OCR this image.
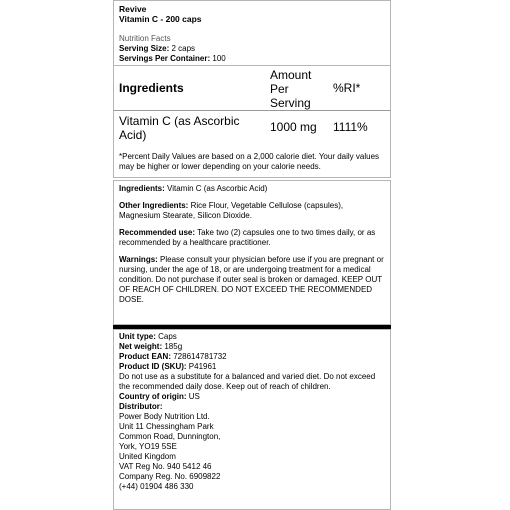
Revive
Vitamin C - 200 caps
Nutrition Facts
Serving Size: 2 caps
Servings Per Container: 100
Ingredients
Amount Per Serving
%RI*
Vitamin C (as Ascorbic Acid)
1000 mg 1111%
*Percent Daily Values are based on a 2,000 calorie diet. Your daily values may be higher or lower depending on your calorie needs.

Ingredients: Vitamin C (as Ascorbic Acid)

Other Ingredients: Rice Flour, Vegetable Cellulose (capsules), Magnesium Stearate, Silicon Dioxide.

Recommended use: Take two (2) capsules one to two times daily, or as recommended by a healthcare practitioner.

Warnings: Please consult your physician before use if you are pregnant or nursing, under the age of 18, or are undergoing treatment for a medical condition. Do not purchase if outer seal is broken or damaged. KEEP OUT OF REACH OF CHILDREN. DO NOT EXCEED THE RECOMMENDED DOSE.

Unit type: Caps
Net weight: 185g
Product EAN: 728614781732
Product ID (SKU): P41961
Do not use as a substitute for a balanced and varied diet. Do not exceed the recommended daily dose. Keep out of reach of children.
Country of origin: US
Distributor:
Power Body Nutrition Ltd.
Unit 11 Chessingham Park
Common Road, Dunnington,
York, YO19 5SE
United Kingdom
VAT Reg No. 940 5412 46
Company Reg. No. 6909822
(+44) 01904 486 330
